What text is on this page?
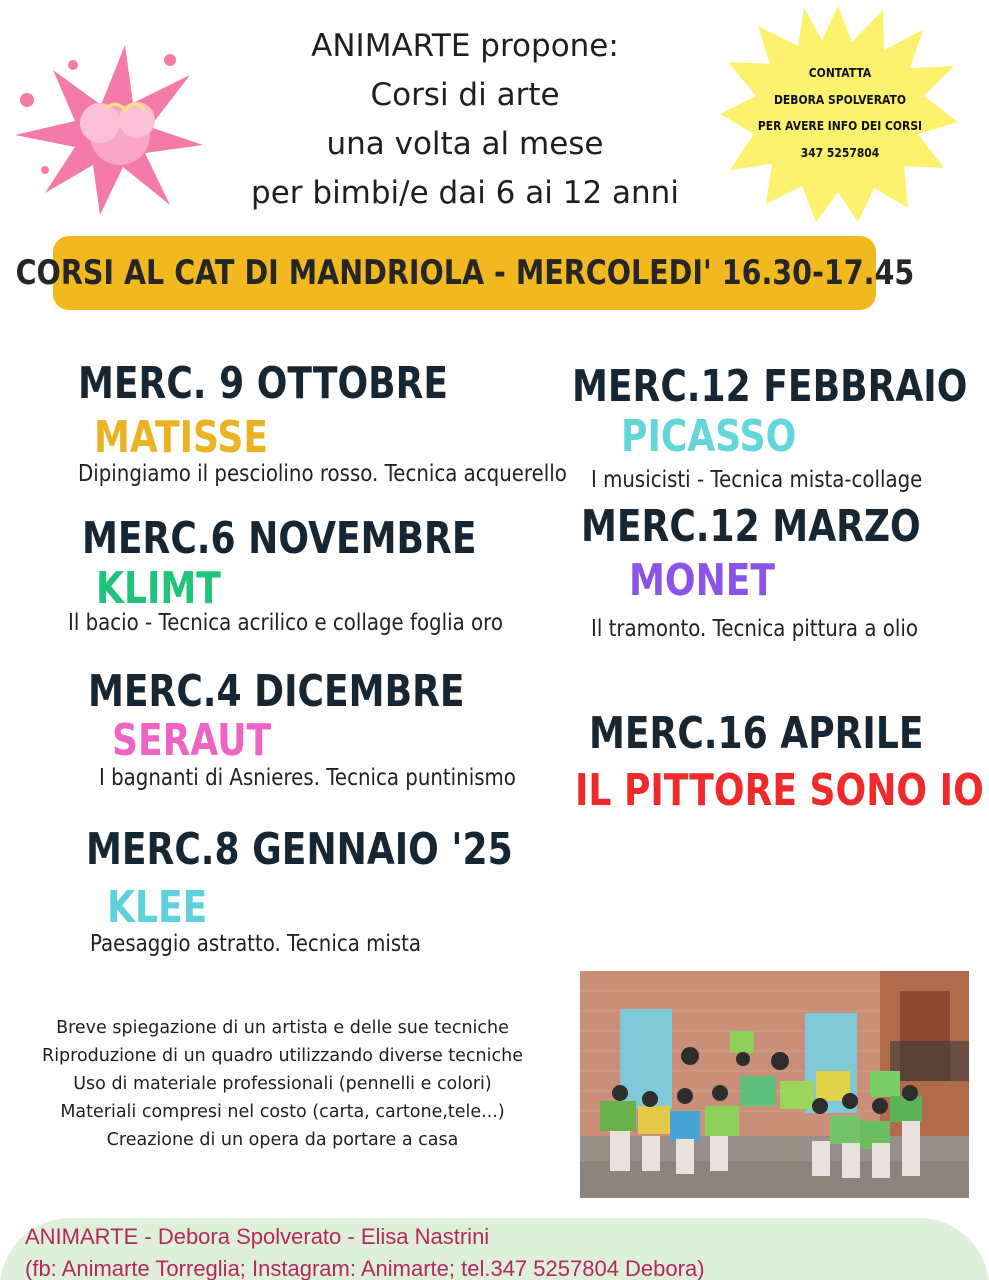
ANIMARTE propone:
Corsi di arte
una volta al mese
per bimbi/e dai 6 ai 12 anni
CONTATTA
DEBORA SPOLVERATO
PER AVERE INFO DEI CORSI
347 5257804
CORSI AL CAT DI MANDRIOLA - MERCOLEDI' 16.30-17.45
MERC. 9 OTTOBRE
MATISSE
Dipingiamo il pesciolino rosso. Tecnica acquerello
MERC.6 NOVEMBRE
KLIMT
Il bacio - Tecnica acrilico e collage foglia oro
MERC.4 DICEMBRE
SERAUT
I bagnanti di Asnieres. Tecnica puntinismo
MERC.8 GENNAIO '25
KLEE
Paesaggio astratto. Tecnica mista
MERC.12 FEBBRAIO
PICASSO
I musicisti - Tecnica mista-collage
MERC.12 MARZO
MONET
Il tramonto. Tecnica pittura a olio
MERC.16 APRILE
IL PITTORE SONO IO
Breve spiegazione di un artista e delle sue tecniche
Riproduzione di un quadro utilizzando diverse tecniche
Uso di materiale professionali (pennelli e colori)
Materiali compresi nel costo (carta, cartone,tele...)
Creazione di un opera da portare a casa
ANIMARTE - Debora Spolverato - Elisa Nastrini
(fb: Animarte Torreglia; Instagram: Animarte; tel.347 5257804 Debora)
